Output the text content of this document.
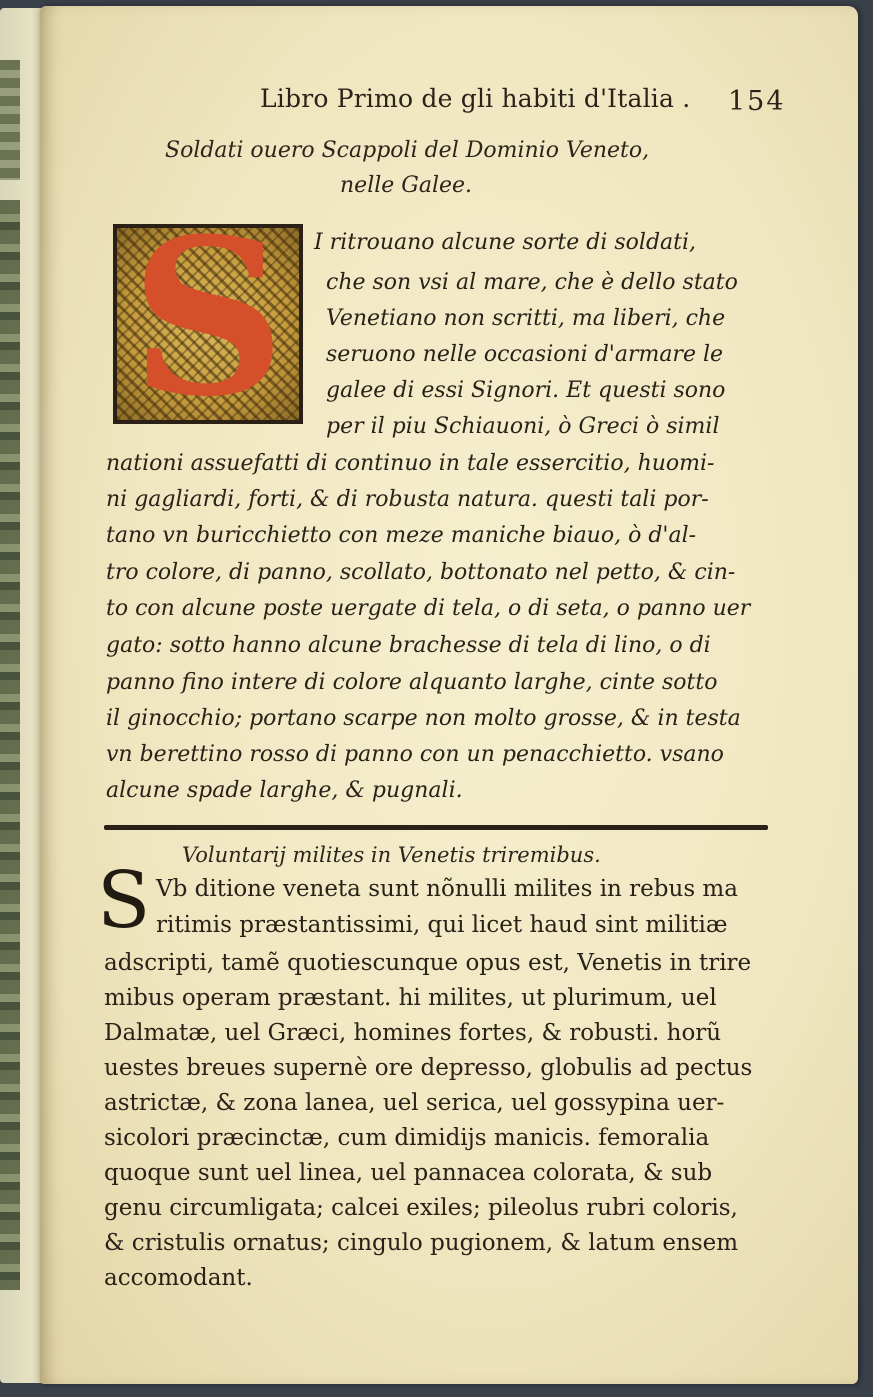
Libro Primo de gli habiti d'Italia . 154
Soldati ouero Scappoli del Dominio Veneto,
nelle Galee.
S	I ritrouano alcune sorte di soldati,
che son vsi al mare, che è dello stato
Venetiano non scritti, ma liberi, che
seruono nelle occasioni d'armare le
galee di essi Signori. Et questi sono
per il piu Schiauoni, ò Greci ò simil
nationi assuefatti di continuo in tale essercitio, huomi-
ni gagliardi, forti, & di robusta natura. questi tali por-
tano vn buricchietto con meze maniche biauo, ò d'al-
tro colore, di panno, scollato, bottonato nel petto, & cin-
to con alcune poste uergate di tela, o di seta, o panno uer
gato: sotto hanno alcune brachesse di tela di lino, o di
panno fino intere di colore alquanto larghe, cinte sotto
il ginocchio; portano scarpe non molto grosse, & in testa
vn berettino rosso di panno con un penacchietto. vsano
alcune spade larghe, & pugnali.
Voluntarij milites in Venetis triremibus.
S Vb ditione veneta sunt nõnulli milites in rebus ma
ritimis præstantissimi, qui licet haud sint militiæ
adscripti, tamẽ quotiescunque opus est, Venetis in trire
mibus operam præstant. hi milites, ut plurimum, uel
Dalmatæ, uel Græci, homines fortes, & robusti. horũ
uestes breues supernè ore depresso, globulis ad pectus
astrictæ, & zona lanea, uel serica, uel gossypina uer-
sicolori præcinctæ, cum dimidijs manicis. femoralia
quoque sunt uel linea, uel pannacea colorata, & sub
genu circumligata; calcei exiles; pileolus rubri coloris,
& cristulis ornatus; cingulo pugionem, & latum ensem
accomodant.
